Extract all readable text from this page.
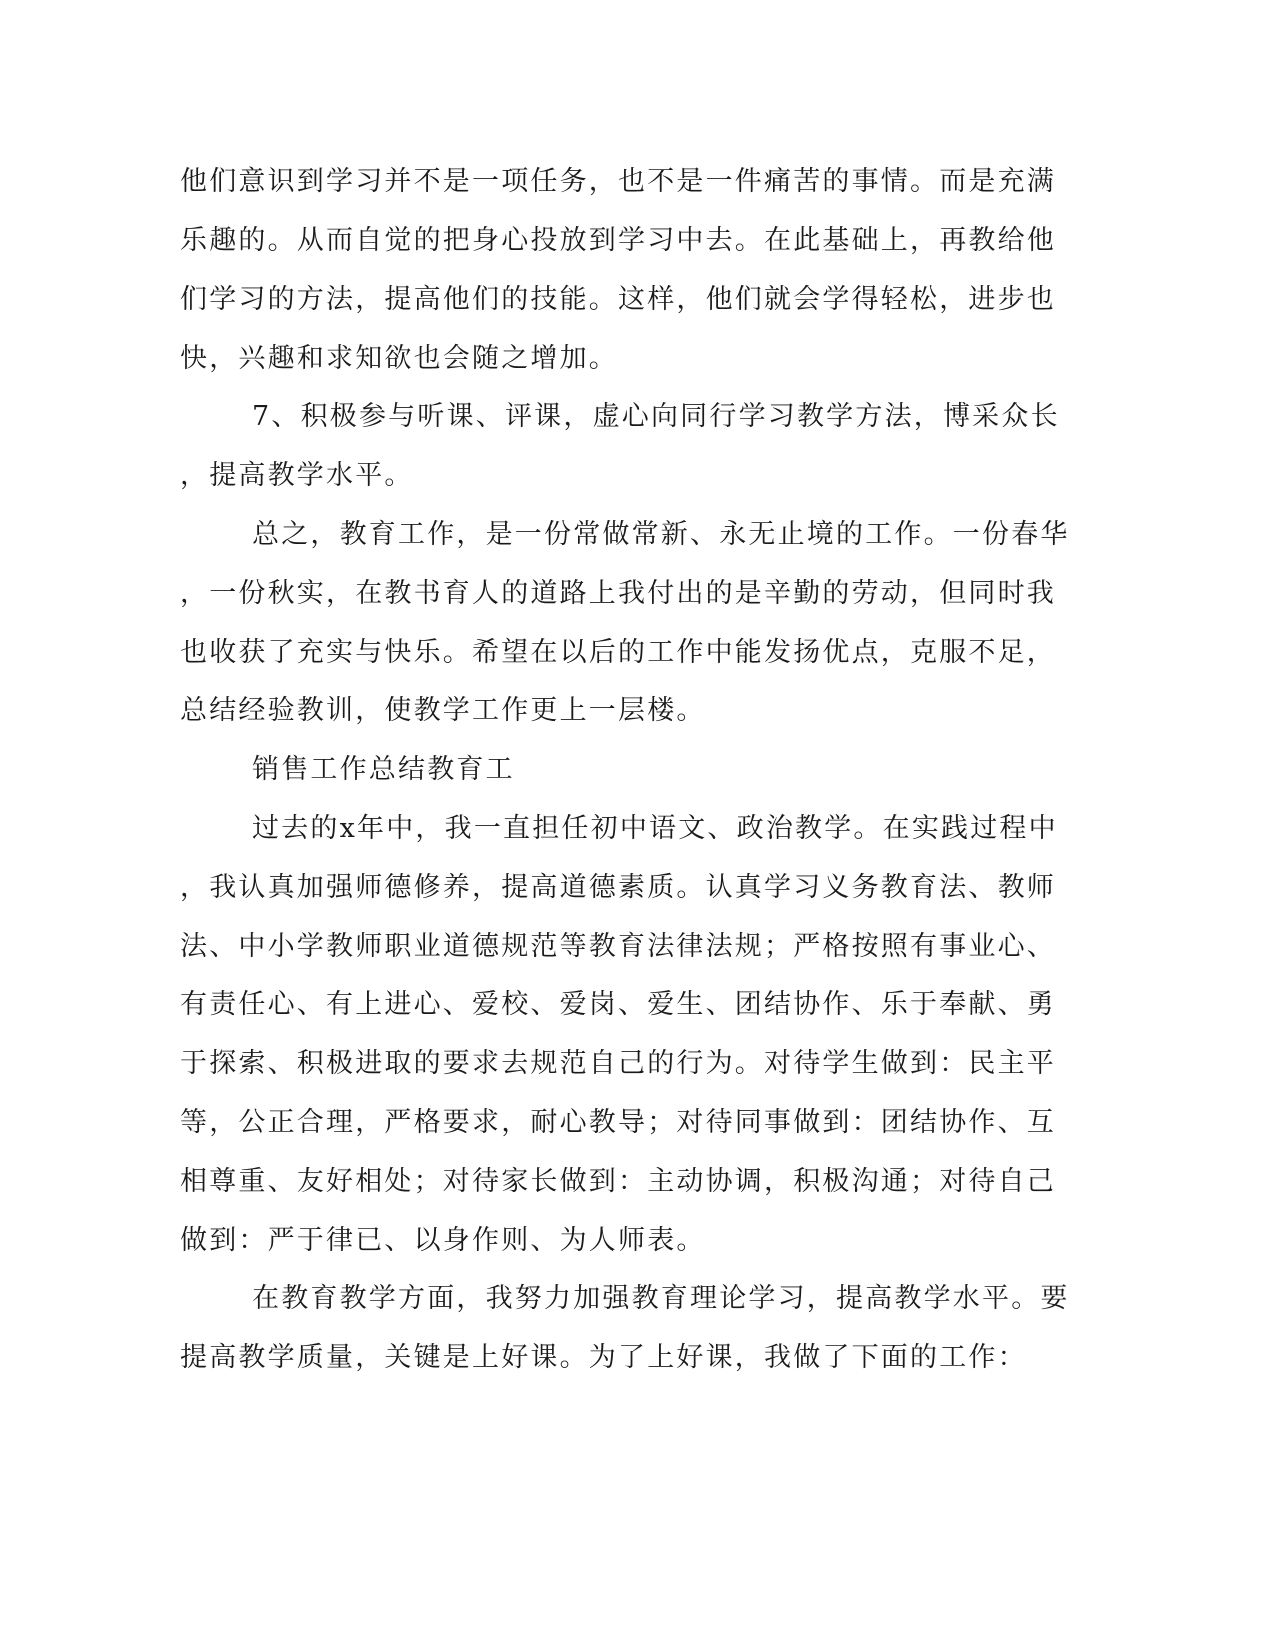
他们意识到学习并不是一项任务，也不是一件痛苦的事情。而是充满
乐趣的。从而自觉的把身心投放到学习中去。在此基础上，再教给他
们学习的方法，提高他们的技能。这样，他们就会学得轻松，进步也
快，兴趣和求知欲也会随之增加。
7、积极参与听课、评课，虚心向同行学习教学方法，博采众长
，提高教学水平。
总之，教育工作，是一份常做常新、永无止境的工作。一份春华
，一份秋实，在教书育人的道路上我付出的是辛勤的劳动，但同时我
也收获了充实与快乐。希望在以后的工作中能发扬优点，克服不足，
总结经验教训，使教学工作更上一层楼。
销售工作总结教育工
过去的x年中，我一直担任初中语文、政治教学。在实践过程中
，我认真加强师德修养，提高道德素质。认真学习义务教育法、教师
法、中小学教师职业道德规范等教育法律法规；严格按照有事业心、
有责任心、有上进心、爱校、爱岗、爱生、团结协作、乐于奉献、勇
于探索、积极进取的要求去规范自己的行为。对待学生做到：民主平
等，公正合理，严格要求，耐心教导；对待同事做到：团结协作、互
相尊重、友好相处；对待家长做到：主动协调，积极沟通；对待自己
做到：严于律已、以身作则、为人师表。
在教育教学方面，我努力加强教育理论学习，提高教学水平。要
提高教学质量，关键是上好课。为了上好课，我做了下面的工作：
